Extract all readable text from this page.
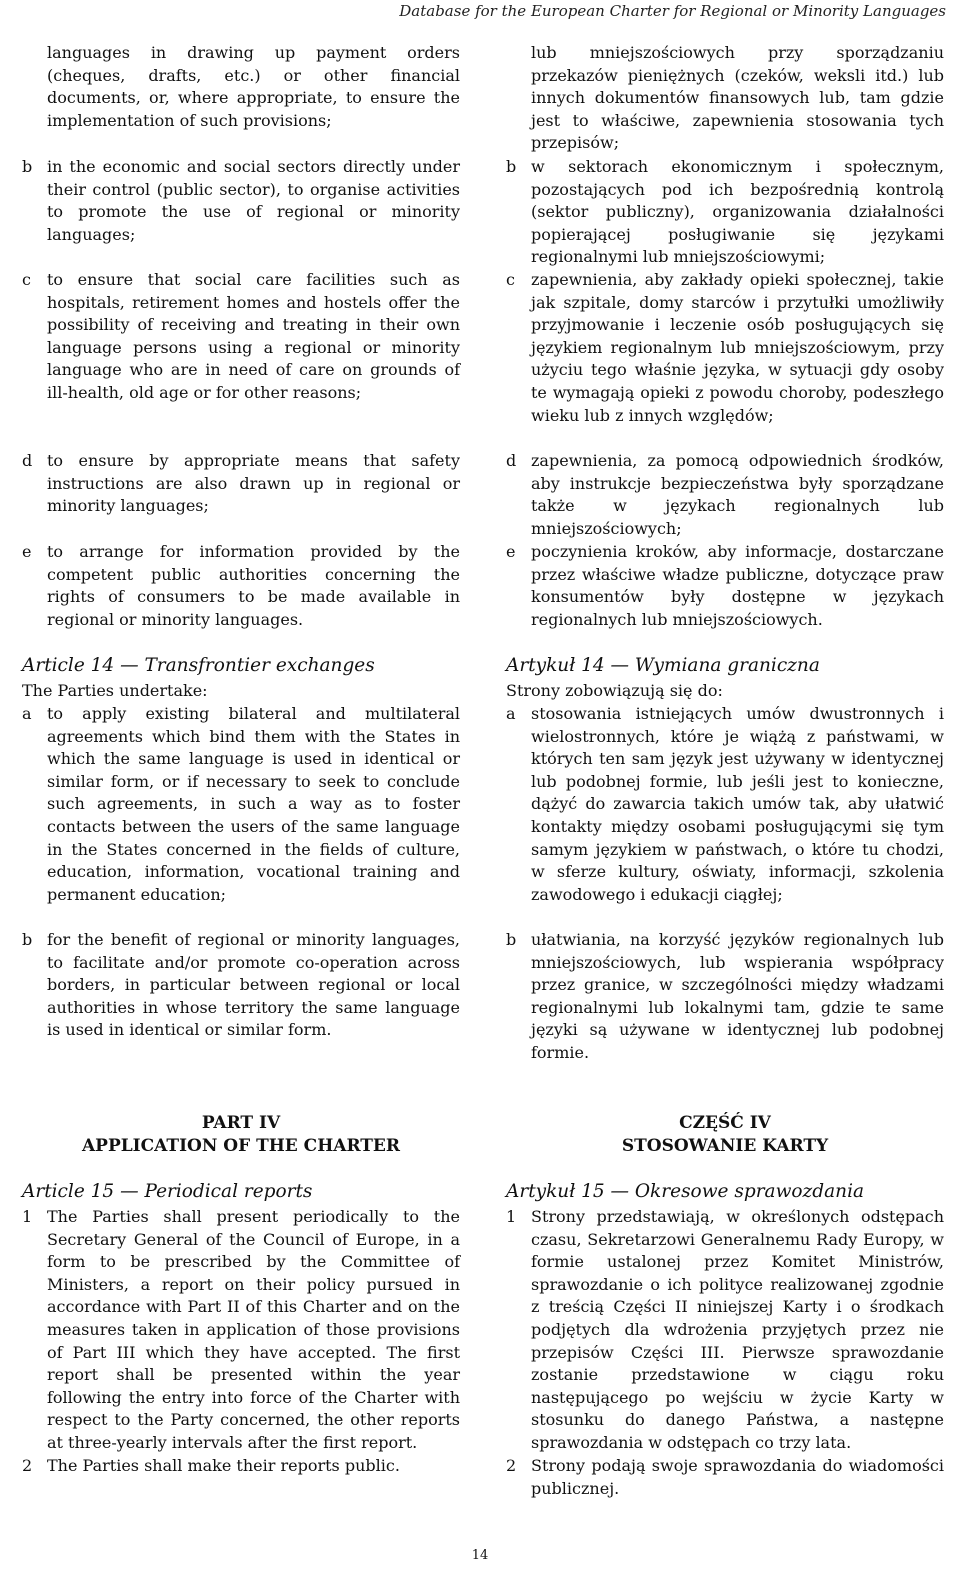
Database for the European Charter for Regional or Minority Languages
languages in drawing up payment orders (cheques, drafts, etc.) or other financial documents, or, where appropriate, to ensure the implementation of such provisions;
b in the economic and social sectors directly under their control (public sector), to organise activities to promote the use of regional or minority languages;
c	to ensure that social care facilities such as hospitals, retirement homes and hostels offer the possibility of receiving and treating in their own language persons using a regional or minority language who are in need of care on grounds of ill-health, old age or for other reasons;
d to ensure by appropriate means that safety instructions are also drawn up in regional or minority languages;
e to arrange for information provided by the competent public authorities concerning the rights of consumers to be made available in regional or minority languages.
Article 14 — Transfrontier exchanges
The Parties undertake:
a to apply existing bilateral and multilateral agreements which bind them with the States in which the same language is used in identical or similar form, or if necessary to seek to conclude such agreements, in such a way as to foster contacts between the users of the same language in the States concerned in the fields of culture, education, information, vocational training and permanent education;
b for the benefit of regional or minority languages, to facilitate and/or promote co-operation across borders, in particular between regional or local authorities in whose territory the same language is used in identical or similar form.
PART IV
APPLICATION OF THE CHARTER
Article 15 — Periodical reports
1 The Parties shall present periodically to the Secretary General of the Council of Europe, in a form to be prescribed by the Committee of Ministers, a report on their policy pursued in accordance with Part II of this Charter and on the measures taken in application of those provisions of Part III which they have accepted. The first report shall be presented within the year following the entry into force of the Charter with respect to the Party concerned, the other reports at three-yearly intervals after the first report.
2 The Parties shall make their reports public.
lub mniejszościowych przy sporządzaniu przekazów pieniężnych (czeków, weksli itd.) lub innych dokumentów finansowych lub, tam gdzie jest to właściwe, zapewnienia stosowania tych przepisów;
b w sektorach ekonomicznym i społecznym, pozostających pod ich bezpośrednią kontrolą (sektor publiczny), organizowania działalności popierającej posługiwanie się językami regionalnymi lub mniejszościowymi;
c	zapewnienia, aby zakłady opieki społecznej, takie jak szpitale, domy starców i przytułki umożliwiły przyjmowanie i leczenie osób posługujących się językiem regionalnym lub mniejszościowym, przy użyciu tego właśnie języka, w sytuacji gdy osoby te wymagają opieki z powodu choroby, podeszłego wieku lub z innych względów;
d zapewnienia, za pomocą odpowiednich środków, aby instrukcje bezpieczeństwa były sporządzane także w językach regionalnych lub mniejszościowych;
e poczynienia kroków, aby informacje, dostarczane przez właściwe władze publiczne, dotyczące praw konsumentów były dostępne w językach regionalnych lub mniejszościowych.
Artykuł 14 — Wymiana graniczna
Strony zobowiązują się do:
a stosowania istniejących umów dwustronnych i wielostronnych, które je wiążą z państwami, w których ten sam język jest używany w identycznej lub podobnej formie, lub jeśli jest to konieczne, dążyć do zawarcia takich umów tak, aby ułatwić kontakty między osobami posługującymi się tym samym językiem w państwach, o które tu chodzi, w sferze kultury, oświaty, informacji, szkolenia zawodowego i edukacji ciągłej;
b ułatwiania, na korzyść języków regionalnych lub mniejszościowych, lub wspierania współpracy przez granice, w szczególności między władzami regionalnymi lub lokalnymi tam, gdzie te same języki są używane w identycznej lub podobnej formie.
CZĘŚĆ IV
STOSOWANIE KARTY
Artykuł 15 — Okresowe sprawozdania
1 Strony przedstawiają, w określonych odstępach czasu, Sekretarzowi Generalnemu Rady Europy, w formie ustalonej przez Komitet Ministrów, sprawozdanie o ich polityce realizowanej zgodnie z treścią Części II niniejszej Karty i o środkach podjętych dla wdrożenia przyjętych przez nie przepisów Części III. Pierwsze sprawozdanie zostanie przedstawione w ciągu roku następującego po wejściu w życie Karty w stosunku do danego Państwa, a następne sprawozdania w odstępach co trzy lata.
2 Strony podają swoje sprawozdania do wiadomości publicznej.
14
